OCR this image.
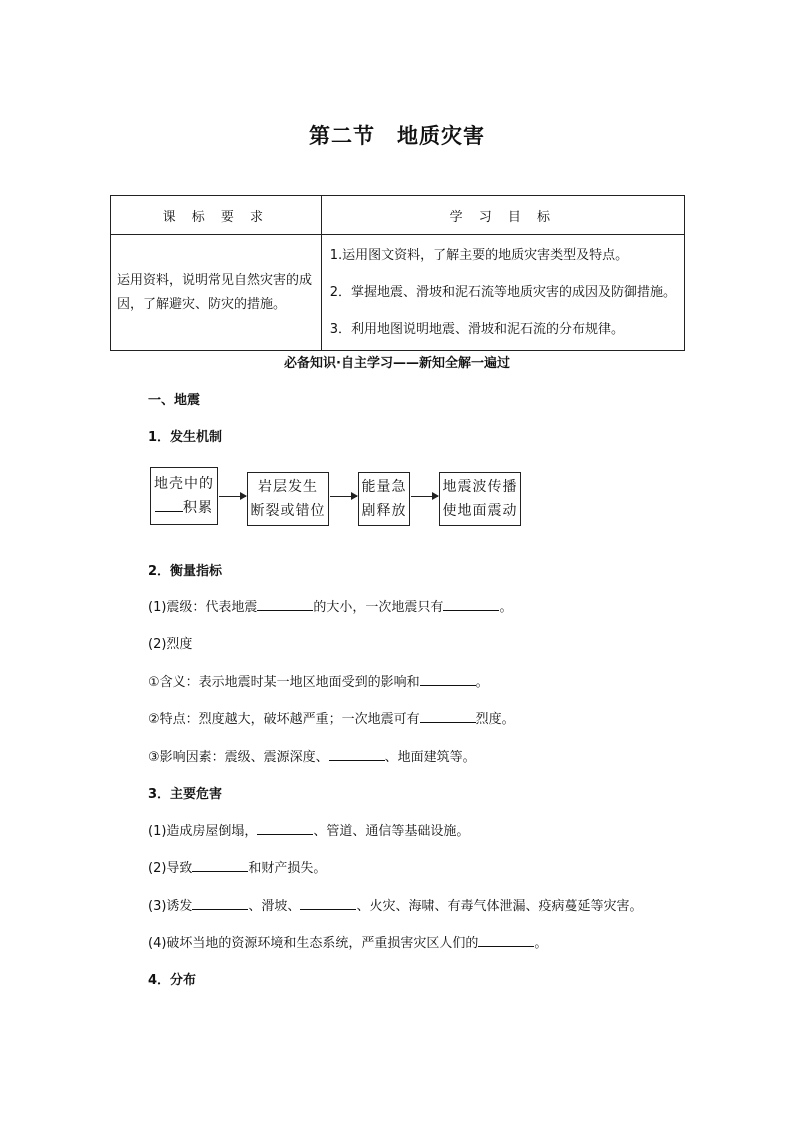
第二节　地质灾害
课 标 要 求	学 习 目 标
运用资料，说明常见自然灾害的成因，了解避灾、防灾的措施。	1.运用图文资料，了解主要的地质灾害类型及特点。

2．掌握地震、滑坡和泥石流等地质灾害的成因及防御措施。

3．利用地图说明地震、滑坡和泥石流的分布规律。

必备知识·自主学习——新知全解一遍过
一、地震
1．发生机制
地壳中的
积累
岩层发生
断裂或错位
能量急
剧释放
地震波传播
使地面震动
2．衡量指标
(1)震级：代表地震	的大小，一次地震只有	。
(2)烈度
①含义：表示地震时某一地区地面受到的影响和	。
②特点：烈度越大，破坏越严重；一次地震可有	烈度。
③影响因素：震级、震源深度、	、地面建筑等。
3．主要危害
(1)造成房屋倒塌，	、管道、通信等基础设施。
(2)导致	和财产损失。
(3)诱发	、滑坡、	、火灾、海啸、有毒气体泄漏、疫病蔓延等灾害。
(4)破坏当地的资源环境和生态系统，严重损害灾区人们的	。
4．分布
